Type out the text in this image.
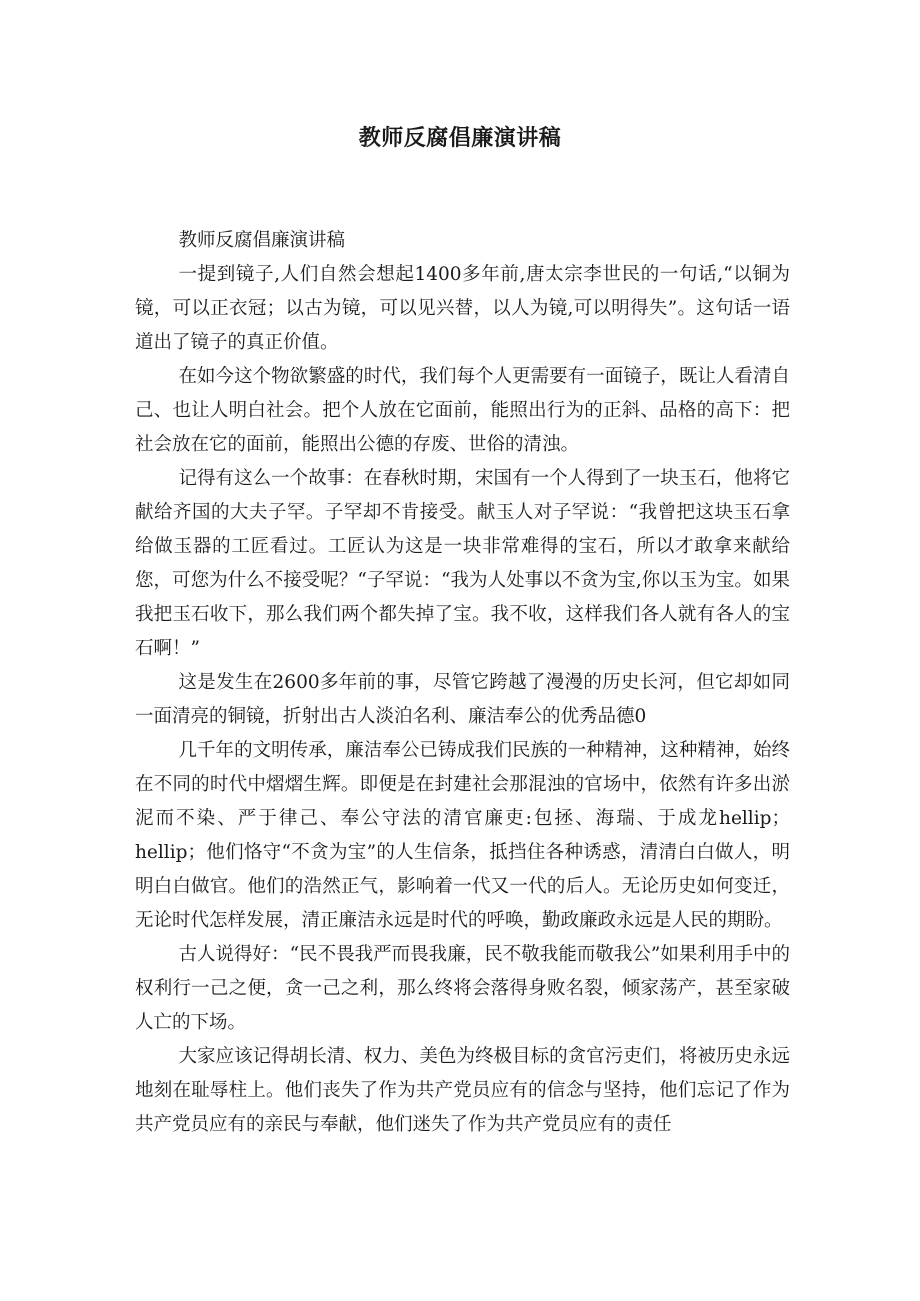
教师反腐倡廉演讲稿

教师反腐倡廉演讲稿

一提到镜子,人们自然会想起1400多年前,唐太宗李世民的一句话,“以铜为镜，可以正衣冠；以古为镜，可以见兴替，以人为镜,可以明得失”。这句话一语道出了镜子的真正价值。

在如今这个物欲繁盛的时代，我们每个人更需要有一面镜子，既让人看清自己、也让人明白社会。把个人放在它面前，能照出行为的正斜、品格的高下：把社会放在它的面前，能照出公德的存废、世俗的清浊。

记得有这么一个故事：在春秋时期，宋国有一个人得到了一块玉石，他将它献给齐国的大夫子罕。子罕却不肯接受。献玉人对子罕说：“我曾把这块玉石拿给做玉器的工匠看过。工匠认为这是一块非常难得的宝石，所以才敢拿来献给您，可您为什么不接受呢？“子罕说：“我为人处事以不贪为宝,你以玉为宝。如果我把玉石收下，那么我们两个都失掉了宝。我不收，这样我们各人就有各人的宝石啊！”

这是发生在2600多年前的事，尽管它跨越了漫漫的历史长河，但它却如同一面清亮的铜镜，折射出古人淡泊名利、廉洁奉公的优秀品德0

几千年的文明传承，廉洁奉公已铸成我们民族的一种精神，这种精神，始终在不同的时代中熠熠生辉。即便是在封建社会那混浊的官场中，依然有许多出淤泥而不染、严于律己、奉公守法的清官廉吏:包拯、海瑞、于成龙hellip；hellip；他们恪守“不贪为宝”的人生信条，抵挡住各种诱惑，清清白白做人，明明白白做官。他们的浩然正气，影响着一代又一代的后人。无论历史如何变迁，无论时代怎样发展，清正廉洁永远是时代的呼唤，勤政廉政永远是人民的期盼。

古人说得好：“民不畏我严而畏我廉，民不敬我能而敬我公”如果利用手中的权利行一己之便，贪一己之利，那么终将会落得身败名裂，倾家荡产，甚至家破人亡的下场。

大家应该记得胡长清、权力、美色为终极目标的贪官污吏们，将被历史永远地刻在耻辱柱上。他们丧失了作为共产党员应有的信念与坚持，他们忘记了作为共产党员应有的亲民与奉献，他们迷失了作为共产党员应有的责任
